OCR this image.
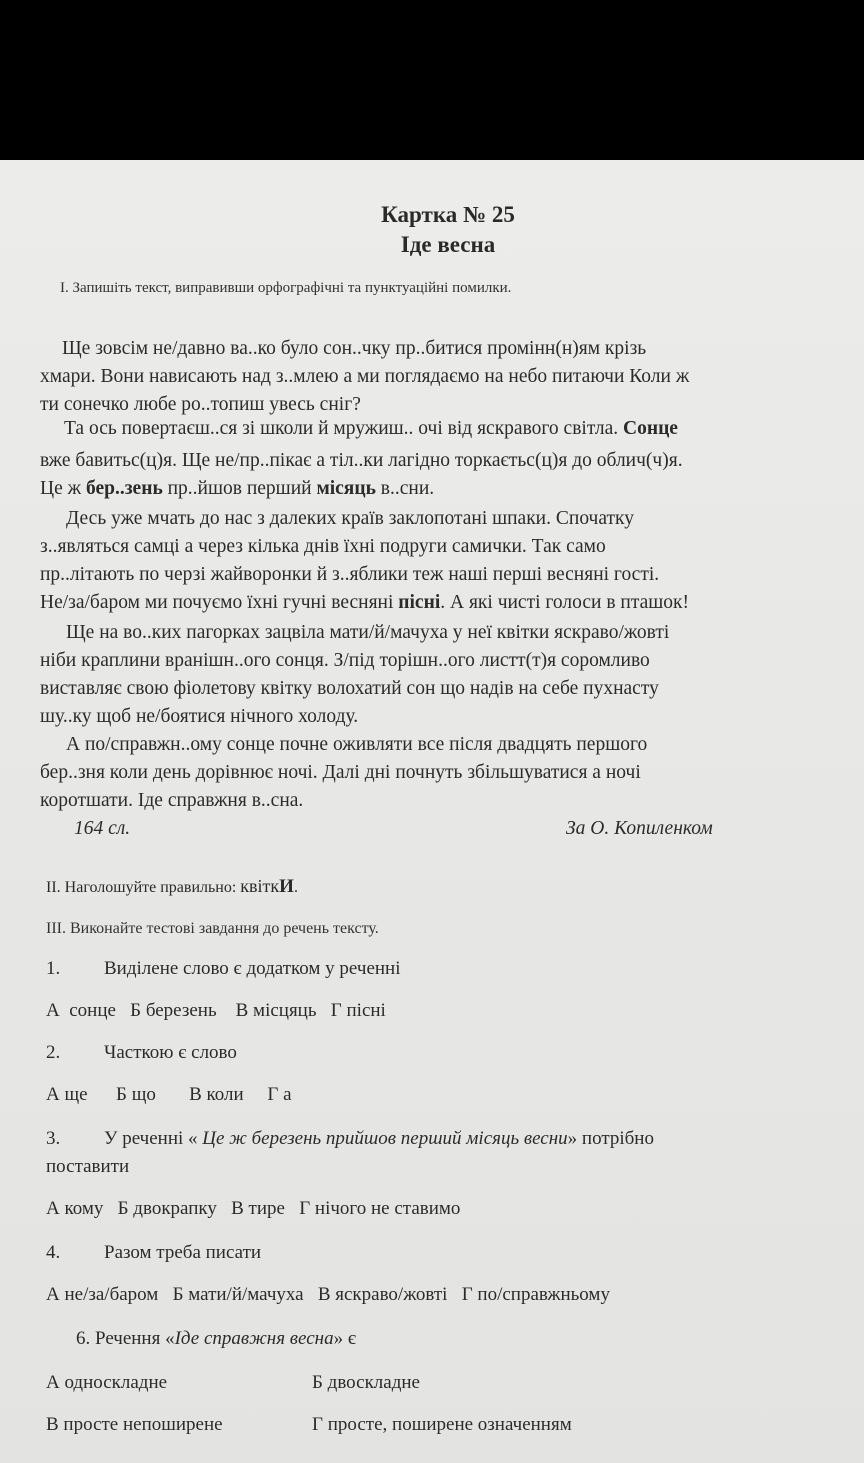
Картка № 25
Іде весна
І. Запишіть текст, виправивши орфографічні та пунктуаційні помилки.
Ще зовсім не/давно ва..ко було сон..чку пр..битися промінн(н)ям крізь
хмари. Вони нависають над з..млею а ми поглядаємо на небо питаючи Коли ж
ти сонечко любе ро..топиш увесь сніг?
Та ось повертаєш..ся зі школи й мружиш.. очі від яскравого світла. Сонце
вже бавитьс(ц)я. Ще не/пр..пікає а тіл..ки лагідно торкаєтьс(ц)я до облич(ч)я.
Це ж бер..зень пр..йшов перший місяць в..сни.
Десь уже мчать до нас з далеких країв заклопотані шпаки. Спочатку
з..являться самці а через кілька днів їхні подруги самички. Так само
пр..літають по черзі жайворонки й з..яблики теж наші перші весняні гості.
Не/за/баром ми почуємо їхні гучні весняні пісні. А які чисті голоси в пташок!
Ще на во..ких пагорках зацвіла мати/й/мачуха у неї квітки яскраво/жовті
ніби краплини вранішн..ого сонця. З/під торішн..ого листт(т)я соромливо
виставляє свою фіолетову квітку волохатий сон що надів на себе пухнасту
шу..ку щоб не/боятися нічного холоду.
А по/справжн..ому сонце почне оживляти все після двадцять першого
бер..зня коли день дорівнює ночі. Далі дні почнуть збільшуватися а ночі
коротшати. Іде справжня в..сна.
164 сл.	За О. Копиленком
ІІ. Наголошуйте правильно: квіткИ.
ІІІ. Виконайте тестові завдання до речень тексту.
1. Виділене слово є додатком у реченні
А  сонце   Б березень    В місцяць   Г пісні
2. Часткою є слово
А ще      Б що       В коли     Г а
3. У реченні « Це ж березень прийшов перший місяць весни» потрібно
поставити
А кому   Б двокрапку   В тире   Г нічого не ставимо
4. Разом треба писати
А не/за/баром   Б мати/й/мачуха   В яскраво/жовті   Г по/справжньому
6. Речення «Іде справжня весна» є
А односкладне	Б двоскладне
В просте непоширене	Г просте, поширене означенням
